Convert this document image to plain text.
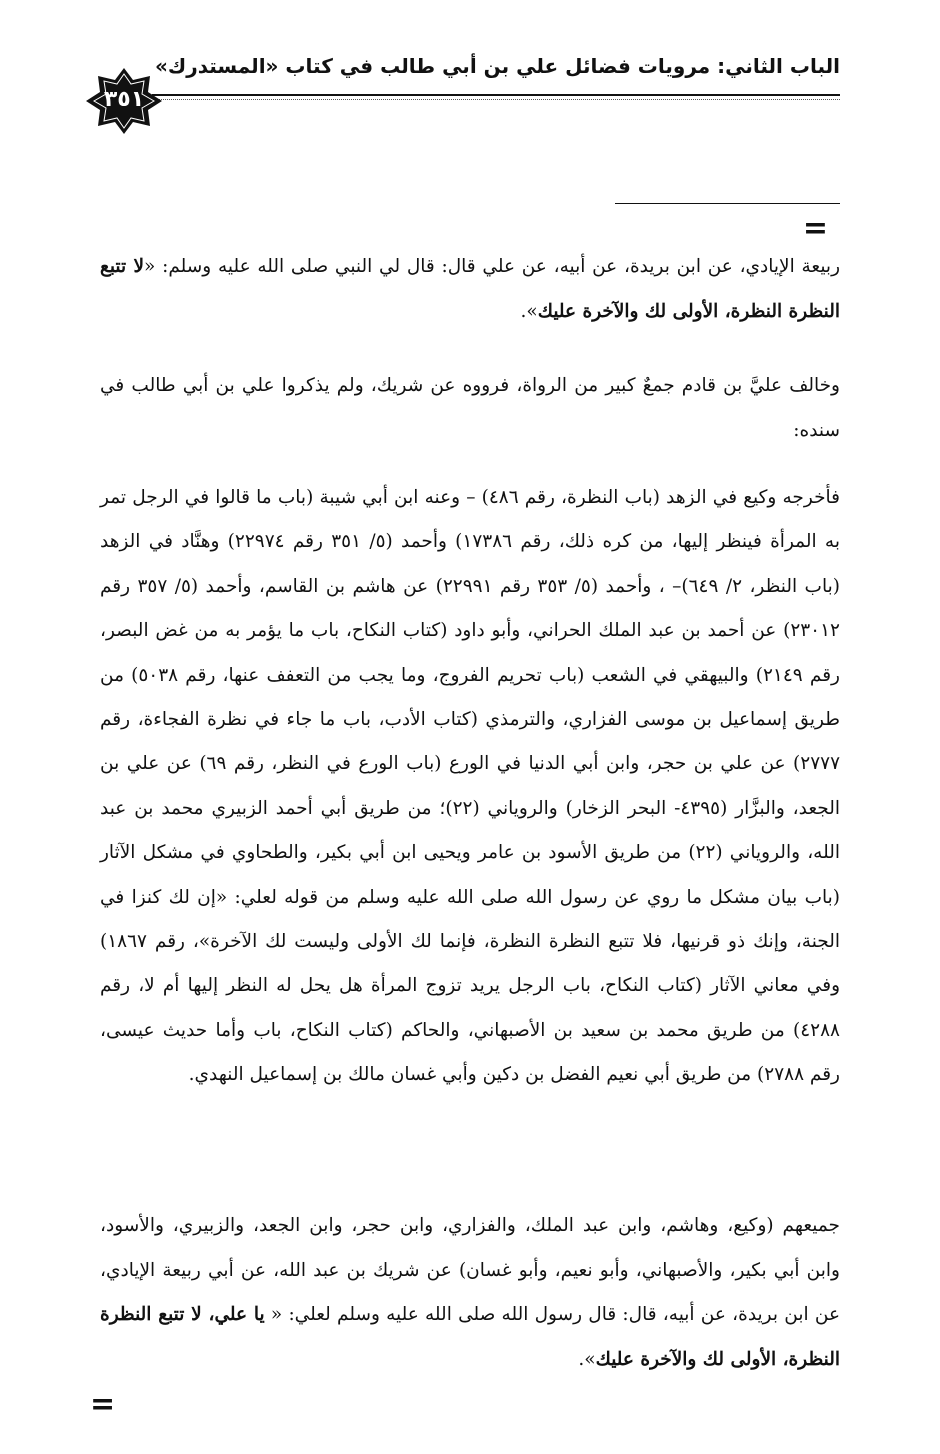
الباب الثاني: مرويات فضائل علي بن أبي طالب في كتاب «المستدرك»
٣٥١
=

ربيعة الإيادي، عن ابن بريدة، عن أبيه، عن علي قال: قال لي النبي صلى الله عليه وسلم: «لا تتبع النظرة النظرة، الأولى لك والآخرة عليك».

وخالف عليَّ بن قادم جمعٌ كبير من الرواة، فرووه عن شريك، ولم يذكروا علي بن أبي طالب في سنده:

فأخرجه وكيع في الزهد (باب النظرة، رقم ٤٨٦) – وعنه ابن أبي شيبة (باب ما قالوا في الرجل تمر به المرأة فينظر إليها، من كره ذلك، رقم ١٧٣٨٦) وأحمد (٥/ ٣٥١ رقم ٢٢٩٧٤) وهنَّاد في الزهد (باب النظر، ٢/ ٦٤٩)– ، وأحمد (٥/ ٣٥٣ رقم ٢٢٩٩١) عن هاشم بن القاسم، وأحمد (٥/ ٣٥٧ رقم ٢٣٠١٢) عن أحمد بن عبد الملك الحراني، وأبو داود (كتاب النكاح، باب ما يؤمر به من غض البصر، رقم ٢١٤٩) والبيهقي في الشعب (باب تحريم الفروج، وما يجب من التعفف عنها، رقم ٥٠٣٨) من طريق إسماعيل بن موسى الفزاري، والترمذي (كتاب الأدب، باب ما جاء في نظرة الفجاءة، رقم ٢٧٧٧) عن علي بن حجر، وابن أبي الدنيا في الورع (باب الورع في النظر، رقم ٦٩) عن علي بن الجعد، والبزَّار (٤٣٩٥- البحر الزخار) والروياني (٢٢)؛ من طريق أبي أحمد الزبيري محمد بن عبد الله، والروياني (٢٢) من طريق الأسود بن عامر ويحيى ابن أبي بكير، والطحاوي في مشكل الآثار (باب بيان مشكل ما روي عن رسول الله صلى الله عليه وسلم من قوله لعلي: «إن لك كنزا في الجنة، وإنك ذو قرنيها، فلا تتبع النظرة النظرة، فإنما لك الأولى وليست لك الآخرة»، رقم ١٨٦٧) وفي معاني الآثار (كتاب النكاح، باب الرجل يريد تزوج المرأة هل يحل له النظر إليها أم لا، رقم ٤٢٨٨) من طريق محمد بن سعيد بن الأصبهاني، والحاكم (كتاب النكاح، باب وأما حديث عيسى، رقم ٢٧٨٨) من طريق أبي نعيم الفضل بن دكين وأبي غسان مالك بن إسماعيل النهدي.

جميعهم (وكيع، وهاشم، وابن عبد الملك، والفزاري، وابن حجر، وابن الجعد، والزبيري، والأسود، وابن أبي بكير، والأصبهاني، وأبو نعيم، وأبو غسان) عن شريك بن عبد الله، عن أبي ربيعة الإيادي، عن ابن بريدة، عن أبيه، قال: قال رسول الله صلى الله عليه وسلم لعلي: « يا علي، لا تتبع النظرة النظرة، الأولى لك والآخرة عليك».

=
